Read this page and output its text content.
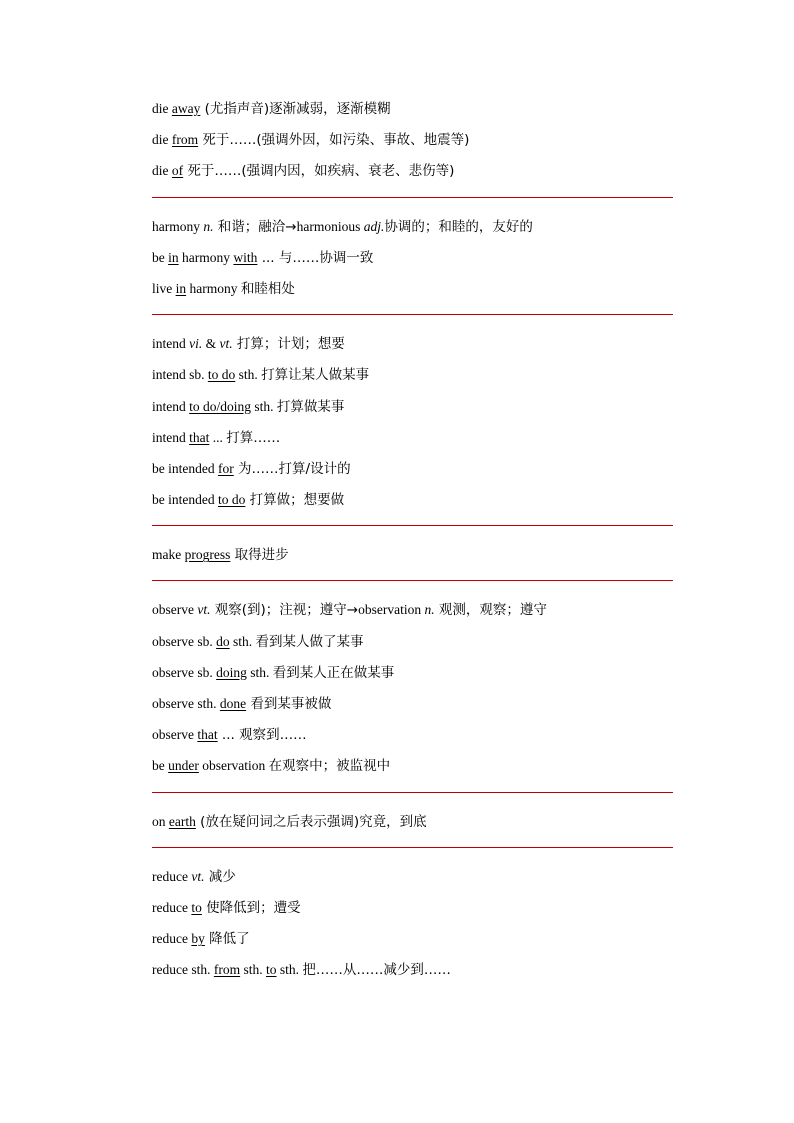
die away (尤指声音)逐渐减弱，逐渐模糊
die from 死于……(强调外因，如污染、事故、地震等)
die of 死于……(强调内因，如疾病、衰老、悲伤等)
harmony n. 和谐；融洽→harmonious adj.协调的；和睦的，友好的
be in harmony with ... 与……协调一致
live in harmony 和睦相处
intend vi. & vt. 打算；计划；想要
intend sb. to do sth. 打算让某人做某事
intend to do/doing sth. 打算做某事
intend that ... 打算……
be intended for 为……打算/设计的
be intended to do 打算做；想要做
make progress 取得进步
observe vt. 观察(到)；注视；遵守→observation n. 观测，观察；遵守
observe sb. do sth. 看到某人做了某事
observe sb. doing sth. 看到某人正在做某事
observe sth. done 看到某事被做
observe that ... 观察到……
be under observation 在观察中；被监视中
on earth (放在疑问词之后表示强调)究竟，到底
reduce vt. 减少
reduce to 使降低到；遭受
reduce by 降低了
reduce sth. from sth. to sth. 把……从……减少到……
